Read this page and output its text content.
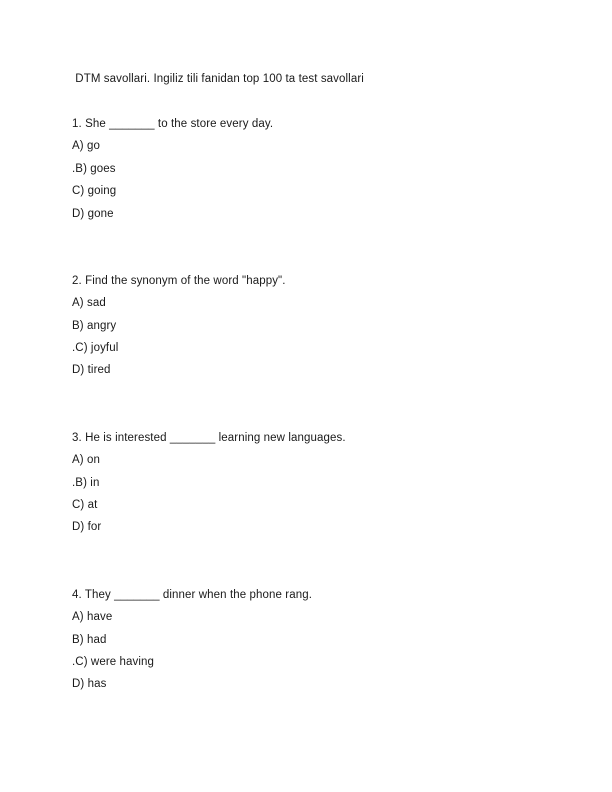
DTM savollari. Ingiliz tili fanidan top 100 ta test savollari
1. She _______ to the store every day.
A) go
.B) goes
C) going
D) gone
2. Find the synonym of the word "happy".
A) sad
B) angry
.C) joyful
D) tired
3. He is interested _______ learning new languages.
A) on
.B) in
C) at
D) for
4. They _______ dinner when the phone rang.
A) have
B) had
.C) were having
D) has
